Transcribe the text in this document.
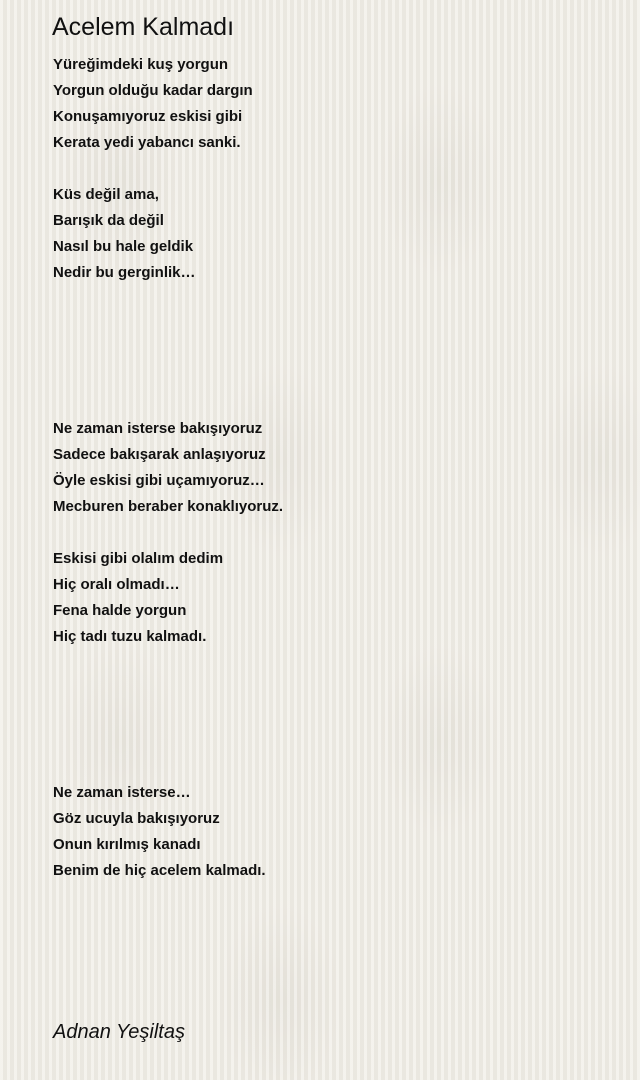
Acelem Kalmadı
Yüreğimdeki kuş yorgun
Yorgun olduğu kadar dargın
Konuşamıyoruz eskisi gibi
Kerata yedi yabancı sanki.
Küs değil ama,
Barışık da değil
Nasıl bu hale geldik
Nedir bu gerginlik…
Ne zaman isterse bakışıyoruz
Sadece bakışarak anlaşıyoruz
Öyle eskisi gibi uçamıyoruz…
Mecburen beraber konaklıyoruz.
Eskisi gibi olalım dedim
Hiç oralı olmadı…
Fena halde yorgun
Hiç tadı tuzu kalmadı.
Ne zaman isterse…
Göz ucuyla bakışıyoruz
Onun kırılmış kanadı
Benim de hiç acelem kalmadı.
Adnan Yeşiltaş
